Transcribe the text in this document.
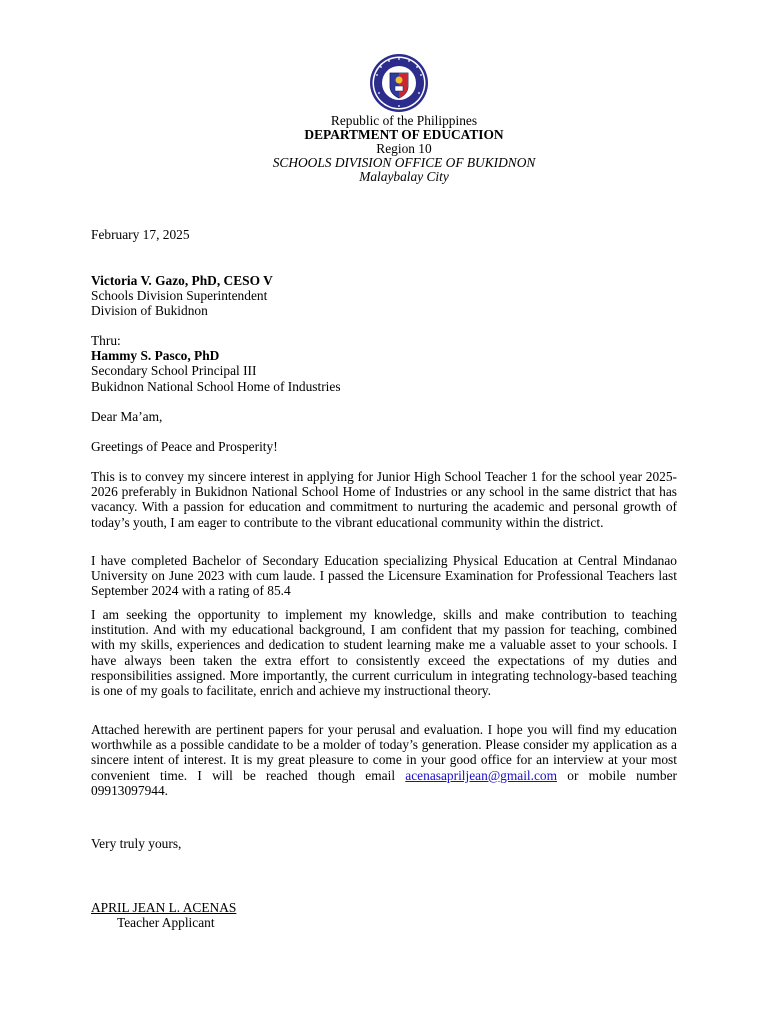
Republic of the Philippines
DEPARTMENT OF EDUCATION
Region 10
SCHOOLS DIVISION OFFICE OF BUKIDNON
Malaybalay City
February 17, 2025
Victoria V. Gazo, PhD, CESO V
Schools Division Superintendent
Division of Bukidnon
Thru:
Hammy S. Pasco, PhD
Secondary School Principal III
Bukidnon National School Home of Industries
Dear Ma’am,
Greetings of Peace and Prosperity!
This is to convey my sincere interest in applying for Junior High School Teacher 1 for the school year 2025-2026 preferably in Bukidnon National School Home of Industries or any school in the same district that has vacancy. With a passion for education and commitment to nurturing the academic and personal growth of today’s youth, I am eager to contribute to the vibrant educational community within the district.
I have completed Bachelor of Secondary Education specializing Physical Education at Central Mindanao University on June 2023 with cum laude. I passed the Licensure Examination for Professional Teachers last September 2024 with a rating of 85.4
I am seeking the opportunity to implement my knowledge, skills and make contribution to teaching institution. And with my educational background, I am confident that my passion for teaching, combined with my skills, experiences and dedication to student learning make me a valuable asset to your schools. I have always been taken the extra effort to consistently exceed the expectations of my duties and responsibilities assigned. More importantly, the current curriculum in integrating technology-based teaching is one of my goals to facilitate, enrich and achieve my instructional theory.
Attached herewith are pertinent papers for your perusal and evaluation. I hope you will find my education worthwhile as a possible candidate to be a molder of today’s generation. Please consider my application as a sincere intent of interest. It is my great pleasure to come in your good office for an interview at your most convenient time. I will be reached though email acenasapriljean@gmail.com or mobile number 09913097944.
Very truly yours,
APRIL JEAN L. ACENAS
Teacher Applicant
